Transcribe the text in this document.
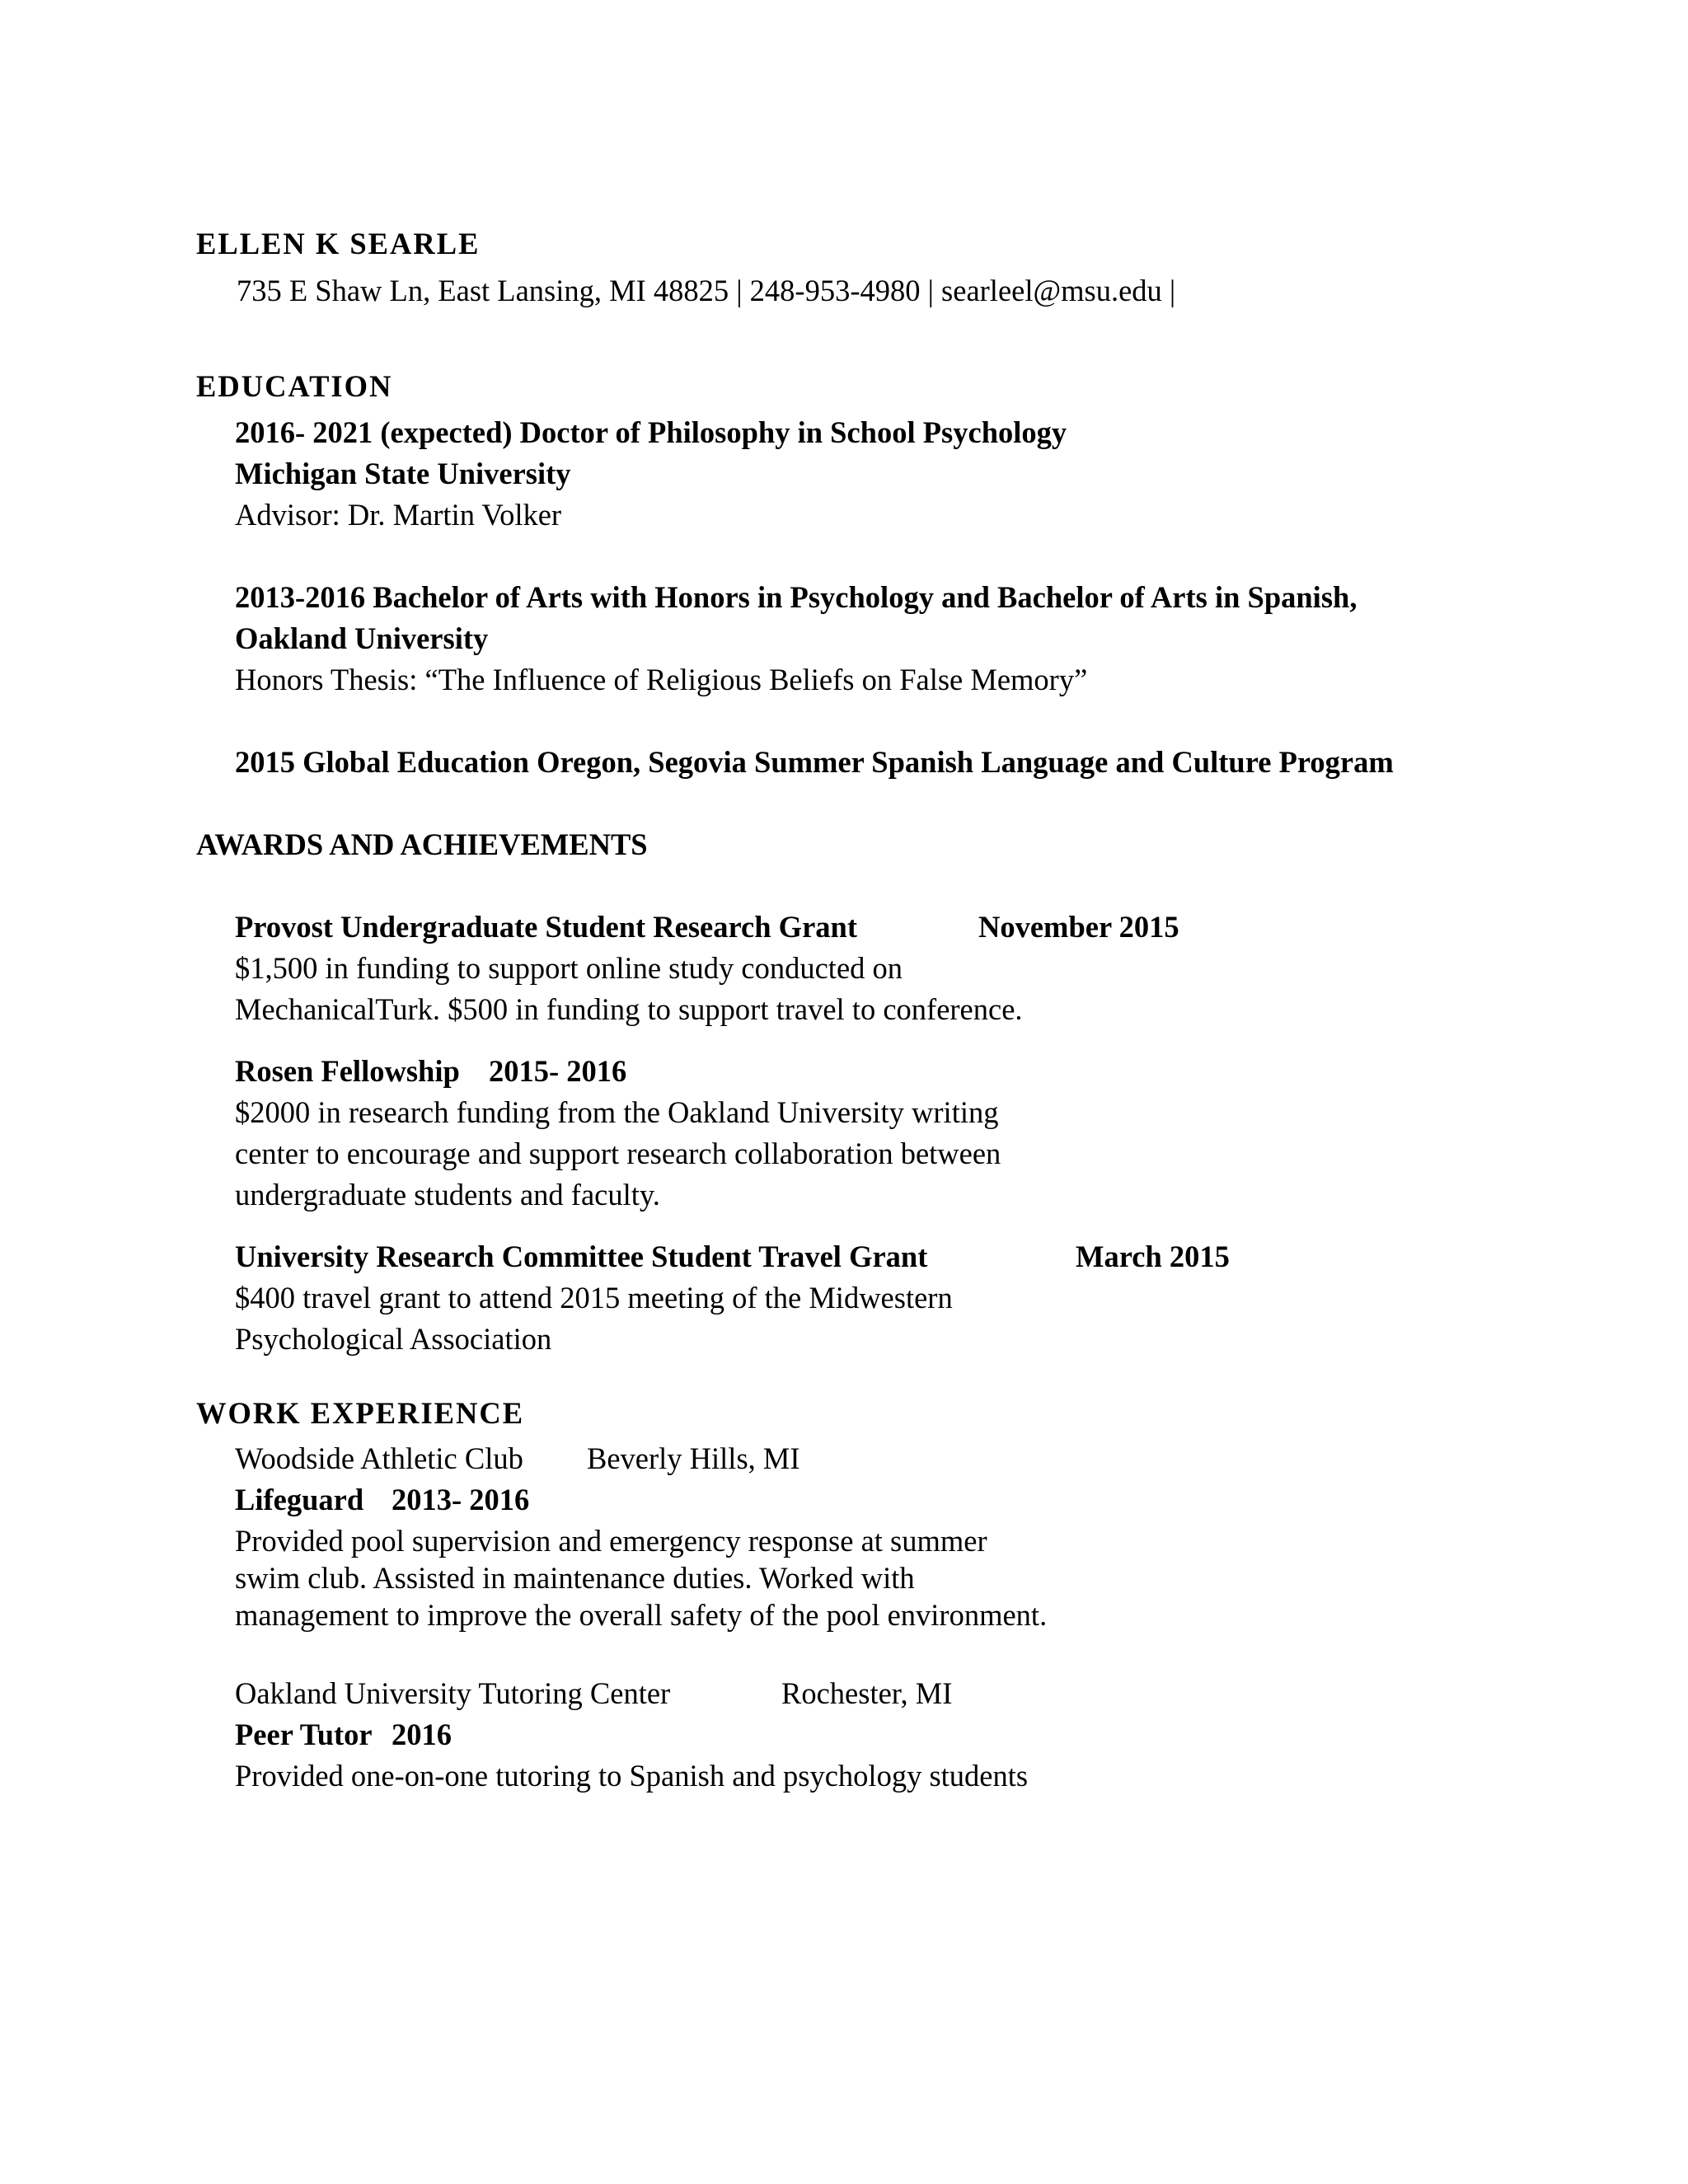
ELLEN K SEARLE
735 E Shaw Ln, East Lansing, MI 48825 | 248-953-4980 | searleel@msu.edu |
EDUCATION
2016- 2021 (expected) Doctor of Philosophy in School Psychology
Michigan State University
Advisor: Dr. Martin Volker
2013-2016 Bachelor of Arts with Honors in Psychology and Bachelor of Arts in Spanish,
Oakland University
Honors Thesis: “The Influence of Religious Beliefs on False Memory”
2015 Global Education Oregon, Segovia Summer Spanish Language and Culture Program
AWARDS AND ACHIEVEMENTS
Provost Undergraduate Student Research Grant	November 2015
$1,500 in funding to support online study conducted on
MechanicalTurk. $500 in funding to support travel to conference.
Rosen Fellowship 2015- 2016
$2000 in research funding from the Oakland University writing
center to encourage and support research collaboration between
undergraduate students and faculty.
University Research Committee Student Travel Grant	March 2015
$400 travel grant to attend 2015 meeting of the Midwestern
Psychological Association
WORK EXPERIENCE
Woodside Athletic Club Beverly Hills, MI
Lifeguard 2013- 2016
Provided pool supervision and emergency response at summer
swim club. Assisted in maintenance duties. Worked with
management to improve the overall safety of the pool environment.
Oakland University Tutoring Center	Rochester, MI
Peer Tutor 2016
Provided one-on-one tutoring to Spanish and psychology students
